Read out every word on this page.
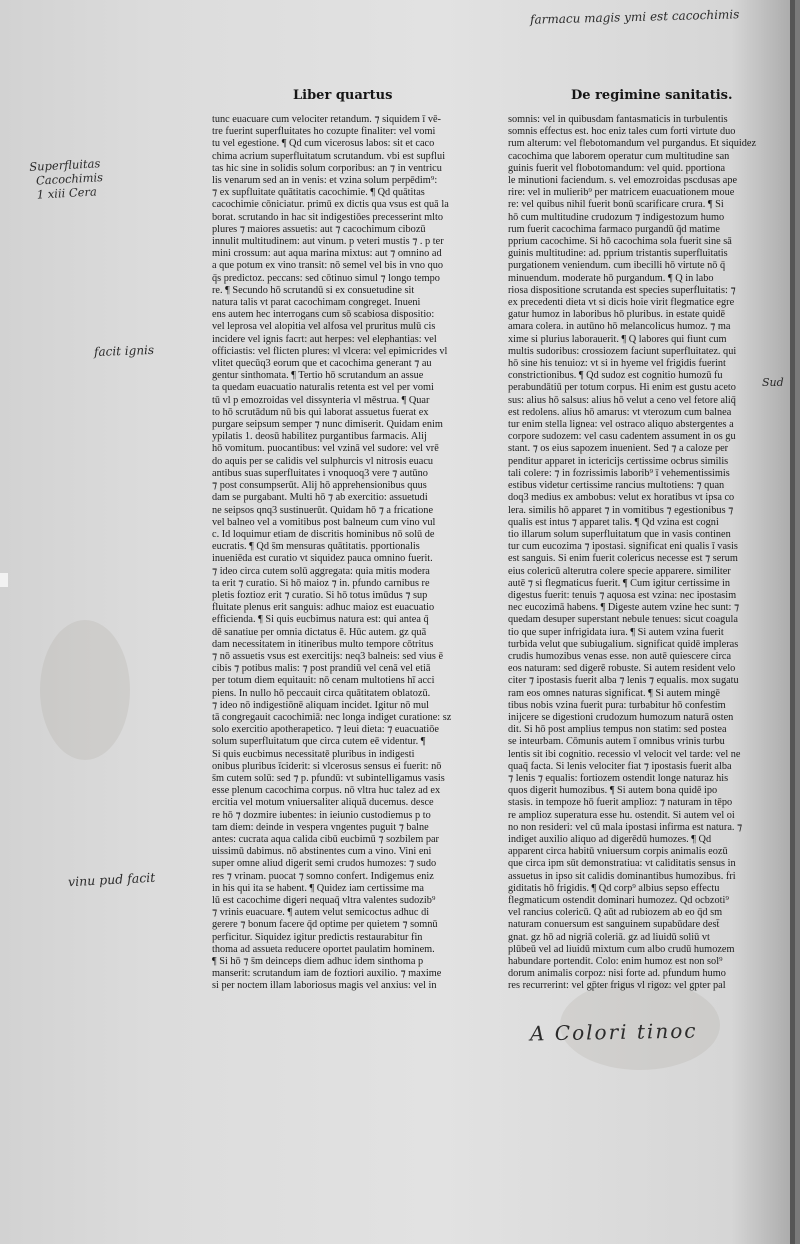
Liber quartus	De regimine sanitatis.
farmacu magis ymi est cacochimis
Superfluitas
Cacochimis
1 xiii Cera
facit ignis
vinu pud facit
Sud
A Colori tinoc
tunc euacuare cum velociter retandum. ⁊ siquidem ī vē-
tre fuerint superfluitates ho cozupte finaliter: vel vomi
tu vel egestione. ¶ Q̄d cum vicerosus labos: sit et caco
chima acrium superfluitatum scrutandum. vbi est supflui
tas hic sine in solidis solum corporibus: an ⁊ in ventricu
lis venarum sed an in venis: et vzina solum perpēdim⁹:
⁊ ex supfluitate quātitatis cacochimie. ¶ Q̄d quātitas
cacochimie cōniciatur. primū ex dictis qua vsus est quā la
borat. scrutando in hac sit indigestiōes precesserint mlto
plures ⁊ maiores assuetis: aut ⁊ cacochimum cibozū
innulit multitudinem: aut vinum. p veteri mustis ⁊ . p ter
mini crossum: aut aqua marina mixtus: aut ⁊ omnino ad
a que potum ex vino transit: nō semel vel bis in vno quo
q̄s predictoz. peccans: sed cōtinuo simul ⁊ longo tempo
re. ¶ Secundo hō scrutandū si ex consuetudine sit
natura talis vt parat cacochimam congreget. Inueni
ens autem hec interrogans cum sō scabiosa dispositio:
vel leprosa vel alopitia vel alfosa vel pruritus mulū cis
incidere vel ignis facrt: aut herpes: vel elephantias: vel
officiastis: vel flicten plures: vl vlcera: vel epimicrides vl
vlitet quecūq3 eorum que et cacochima generant ⁊ au
gentur sinthomata. ¶ Tertio hō scrutandum an assue
ta quedam euacuatio naturalis retenta est vel per vomi
tū vl p emozroidas vel dissynteria vl mēstrua. ¶ Quar
to hō scrutādum nū bis qui laborat assuetus fuerat ex
purgare seipsum semper ⁊ nunc dimiserit. Quidam enim
ypilatis 1. deosū habilitez purgantibus farmacis. Alij
hō vomitum. puocantibus: vel vzinā vel sudore: vel vrē
do aquis per se calidis vel sulphurcis vl nitrosis euacu
antibus suas superfluitates i vnoquoq3 vere ⁊ autūno
⁊ post consumpserūt. Alij hō apprehensionibus quus
dam se purgabant. Multi hō ⁊ ab exercitio: assuetudi
ne seipsos qnq3 sustinuerūt. Quidam hō ⁊ a fricatione
vel balneo vel a vomitibus post balneum cum vino vul
c. Id loquimur etiam de discritis hominibus nō solū de
eucratis. ¶ Q̄d s̄m mensuras quātitatis. pportionalis
inueniēda est curatio vt siquidez pauca omnino fuerit.
⁊ ideo circa cutem solū aggregata: quia mitis modera
ta erit ⁊ curatio. Si hō maioz ⁊ in. pfundo carnibus re
pletis foztioz erit ⁊ curatio. Si hō totus imūdus ⁊ sup
fluitate plenus erit sanguis: adhuc maioz est euacuatio
efficienda. ¶ Si quis eucbimus natura est: qui antea q̄
dē sanatiue per omnia dictatus ē. Hūc autem. gz quā
dam necessitatem in itineribus multo tempore cōtritus
⁊ nō assuetis vsus est exercitijs: neq3 balneis: sed vius ē
cibis ⁊ potibus malis: ⁊ post prandiū vel cenā vel etiā
per totum diem equitauit: nō cenam multotiens hī acci
piens. In nullo hō peccauit circa quātitatem oblatozū.
⁊ ideo nō indigestiōnē aliquam incidet. Igitur nō mul
tā congregauit cacochimiā: nec longa indiget curatione: sz
solo exercitio apotherapetico. ⁊ leui dieta: ⁊ euacuatiōe
solum superfluitatum que circa cutem eē videntur. ¶
Si quis eucbimus necessitatē pluribus in indigesti
onibus pluribus īciderit: si vlcerosus sensus ei fuerit: nō
s̄m cutem solū: sed ⁊ p. pfundū: vt subintelligamus vasis
esse plenum cacochima corpus. nō vltra huc talez ad ex
ercitia vel motum vniuersaliter aliquā ducemus. desce
re hō ⁊ dozmire iubentes: in ieiunio custodiemus p to
tam diem: deinde in vespera vngentes puguit ⁊ balne
antes: cucrata aqua calida cibū eucbimū ⁊ sozbilem par
uissimū dabimus. nō abstinentes cum a vino. Vini eni
super omne aliud digerit semi crudos humozes: ⁊ sudo
res ⁊ vrinam. puocat ⁊ somno confert. Indigemus eniz
in his qui ita se habent. ¶ Quidez iam certissime ma
lū est cacochime digeri nequaq̄ vltra valentes sudozib⁹
⁊ vrinis euacuare. ¶ autem velut semicoctus adhuc di
gerere ⁊ bonum facere q̄d optime per quietem ⁊ somnū
perficitur. Siquidez igitur predictis restaurabitur fin
thoma ad assueta reducere oportet paulatim hominem.
¶ Si hō ⁊ s̄m deinceps diem adhuc idem sinthoma p
manserit: scrutandum iam de foztiori auxilio. ⁊ maxime
si per noctem illam laboriosus magis vel anxius: vel in
somnis: vel in quibusdam fantasmaticis in turbulentis
somnis effectus est. hoc eniz tales cum forti virtute duo
rum alterum: vel flebotomandum vel purgandus. Et siquidez
cacochima que laborem operatur cum multitudine san
guinis fuerit vel flobotomandum: vel quid. pportiona
le minutioni faciendum. s. vel emozroidas pscdusas ape
rire: vel in mulierib⁹ per matricem euacuationem moue
re: vel quibus nihil fuerit bonū scarificare crura. ¶ Si
hō cum multitudine crudozum ⁊ indigestozum humo
rum fuerit cacochima farmaco purgandū q̄d matime
pprium cacochime. Si hō cacochima sola fuerit sine sā
guinis multitudine: ad. pprium tristantis superfluitatis
purgationem veniendum. cum ibecilli hō virtute nō q̄
minuendum. moderate hō purgandum. ¶ Q̄ in labo
riosa dispositione scrutanda est species superfluitatis: ⁊
ex precedenti dieta vt si dicis hoie virit flegmatice egre
gatur humoz in laboribus hō pluribus. in estate quidē
amara colera. in autūno hō melancolicus humoz. ⁊ ma
xime si plurius laborauerit. ¶ Q̄ labores qui fiunt cum
multis sudoribus: crossiozem faciunt superfluitatez. qui
hō sine his tenuioz: vt si in hyeme vel frigidis fuerint
constrictionibus. ¶ Q̄d sudoz est cognitio humozū fu
perabundātiū per totum corpus. Hi enim est gustu aceto
sus: alius hō salsus: alius hō velut a ceno vel fetore aliq̄
est redolens. alius hō amarus: vt vterozum cum balnea
tur enim stella lignea: vel ostraco aliquo abstergentes a
corpore sudozem: vel casu cadentem assument in os gu
stant. ⁊ os eius sapozem inuenient. Sed ⁊ a caloze per
penditur apparet in ictericijs certissime ocbrus similis
tali colere: ⁊ in fozrissimis laborib⁹ ī vehementissimis
estibus videtur certissime rancius multotiens: ⁊ quan
doq3 medius ex ambobus: velut ex horatibus vt ipsa co
lera. similis hō apparet ⁊ in vomitibus ⁊ egestionibus ⁊
qualis est intus ⁊ apparet talis. ¶ Q̄d vzina est cogni
tio illarum solum superfluitatum que in vasis continen
tur cum eucozima ⁊ ipostasi. significat eni qualis ī vasis
est sanguis. Si enim fuerit colericus necesse est ⁊ serum
eius colericū alterutra colere specie apparere. similiter
autē ⁊ si flegmaticus fuerit. ¶ Cum igitur certissime in
digestus fuerit: tenuis ⁊ aquosa est vzina: nec ipostasim
nec eucozimā habens. ¶ Digeste autem vzine hec sunt: ⁊
quedam desuper superstant nebule tenues: sicut coagula
tio que super infrigidata iura. ¶ Si autem vzina fuerit
turbida velut que subiugalium. significat quidē impleras
crudis humozibus venas esse. non autē quiescere circa
eos naturam: sed digerē robuste. Si autem resident velo
citer ⁊ ipostasis fuerit alba ⁊ lenis ⁊ equalis. mox sugatu
ram eos omnes naturas significat. ¶ Si autem mingē
tibus nobis vzina fuerit pura: turbabitur hō confestim
inijcere se digestioni crudozum humozum naturā osten
dit. Si hō post amplius tempus non statim: sed postea
se inteurbam. Cōmunis autem ī omnibus vrinis turbu
lentis sit ibi cognitio. recessio vl velocit vel tarde: vel ne
quaq̄ facta. Si lenis velociter fiat ⁊ ipostasis fuerit alba
⁊ lenis ⁊ equalis: fortiozem ostendit longe naturaz his
quos digerit humozibus. ¶ Si autem bona quidē ipo
stasis. in tempoze hō fuerit amplioz: ⁊ naturam in tēpo
re amplioz superatura esse hu. ostendit. Si autem vel oi
no non resideri: vel cū mala ipostasi infirma est natura. ⁊
indiget auxilio aliquo ad digerēdū humozes. ¶ Q̄d
apparent circa habitū vniuersum corpis animalis eozū
que circa ipm sūt demonstratiua: vt caliditatis sensus in
assuetus in ipso sit calidis dominantibus humozibus. fri
giditatis hō frigidis. ¶ Q̄d corp⁹ albius sepso effectu
flegmaticum ostendit dominari humozez. Q̄d ocbzoti⁹
vel rancius colericū. Q̄ aūt ad rubiozem ab eo q̄d sm
naturam conuersum est sanguinem supabūdare dest̄
gnat. gz hō ad nigriā coleriā. gz ad liuidū soliū vt
plūbeū vel ad liuidū mixtum cum albo crudū humozem
habundare portendit. Colo: enim humoz est non sol⁹
dorum animalis corpoz: nisi forte ad. pfundum humo
res recurrerint: vel gp̄ter frigus vl rigoz: vel gpter pal
